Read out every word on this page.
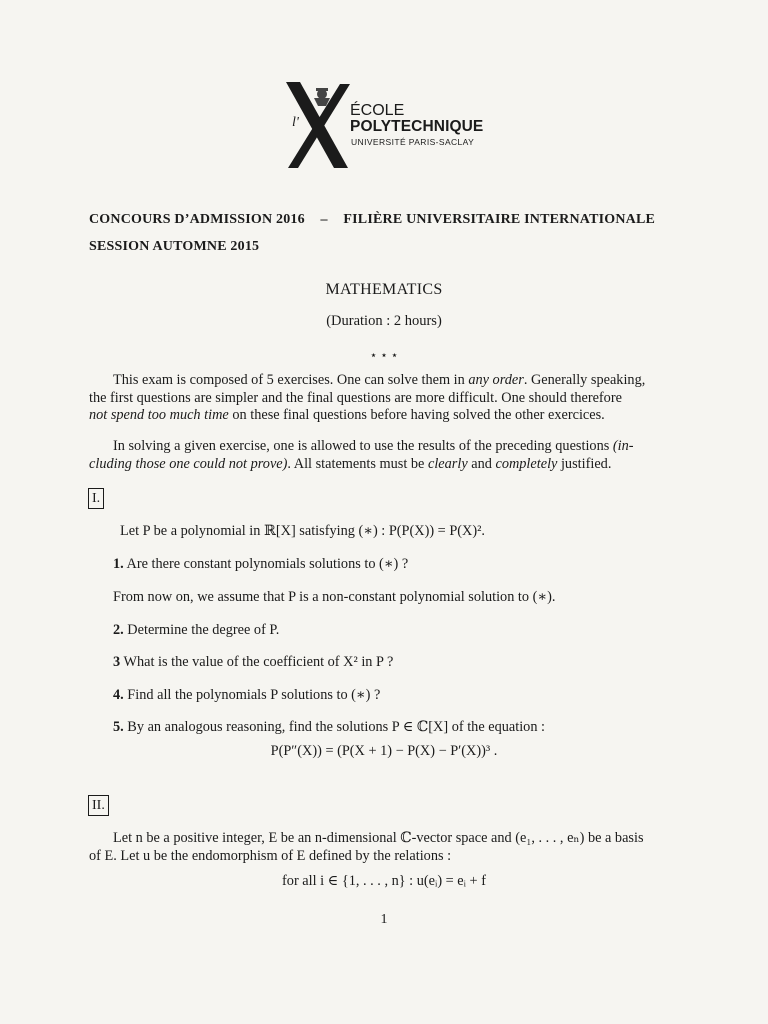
l'
ÉCOLE
POLYTECHNIQUE
UNIVERSITÉ PARIS-SACLAY
CONCOURS D’ADMISSION 2016 – FILIÈRE UNIVERSITAIRE INTERNATIONALE
SESSION AUTOMNE 2015
MATHEMATICS
(Duration : 2 hours)
⋆ ⋆ ⋆
This exam is composed of 5 exercises. One can solve them in any order. Generally speaking,
the first questions are simpler and the final questions are more difficult. One should therefore
not spend too much time on these final questions before having solved the other exercices.
In solving a given exercise, one is allowed to use the results of the preceding questions (in-
cluding those one could not prove). All statements must be clearly and completely justified.
I.
Let P be a polynomial in ℝ[X] satisfying (∗) : P(P(X)) = P(X)².
1. Are there constant polynomials solutions to (∗) ?
From now on, we assume that P is a non-constant polynomial solution to (∗).
2. Determine the degree of P.
3 What is the value of the coefficient of X² in P ?
4. Find all the polynomials P solutions to (∗) ?
5. By an analogous reasoning, find the solutions P ∈ ℂ[X] of the equation :
P(P″(X)) = (P(X + 1) − P(X) − P′(X))³ .
II.
Let n be a positive integer, E be an n-dimensional ℂ-vector space and (e₁, . . . , eₙ) be a basis
of E. Let u be the endomorphism of E defined by the relations :
for all i ∈ {1, . . . , n} : u(eᵢ) = eᵢ + f
1
